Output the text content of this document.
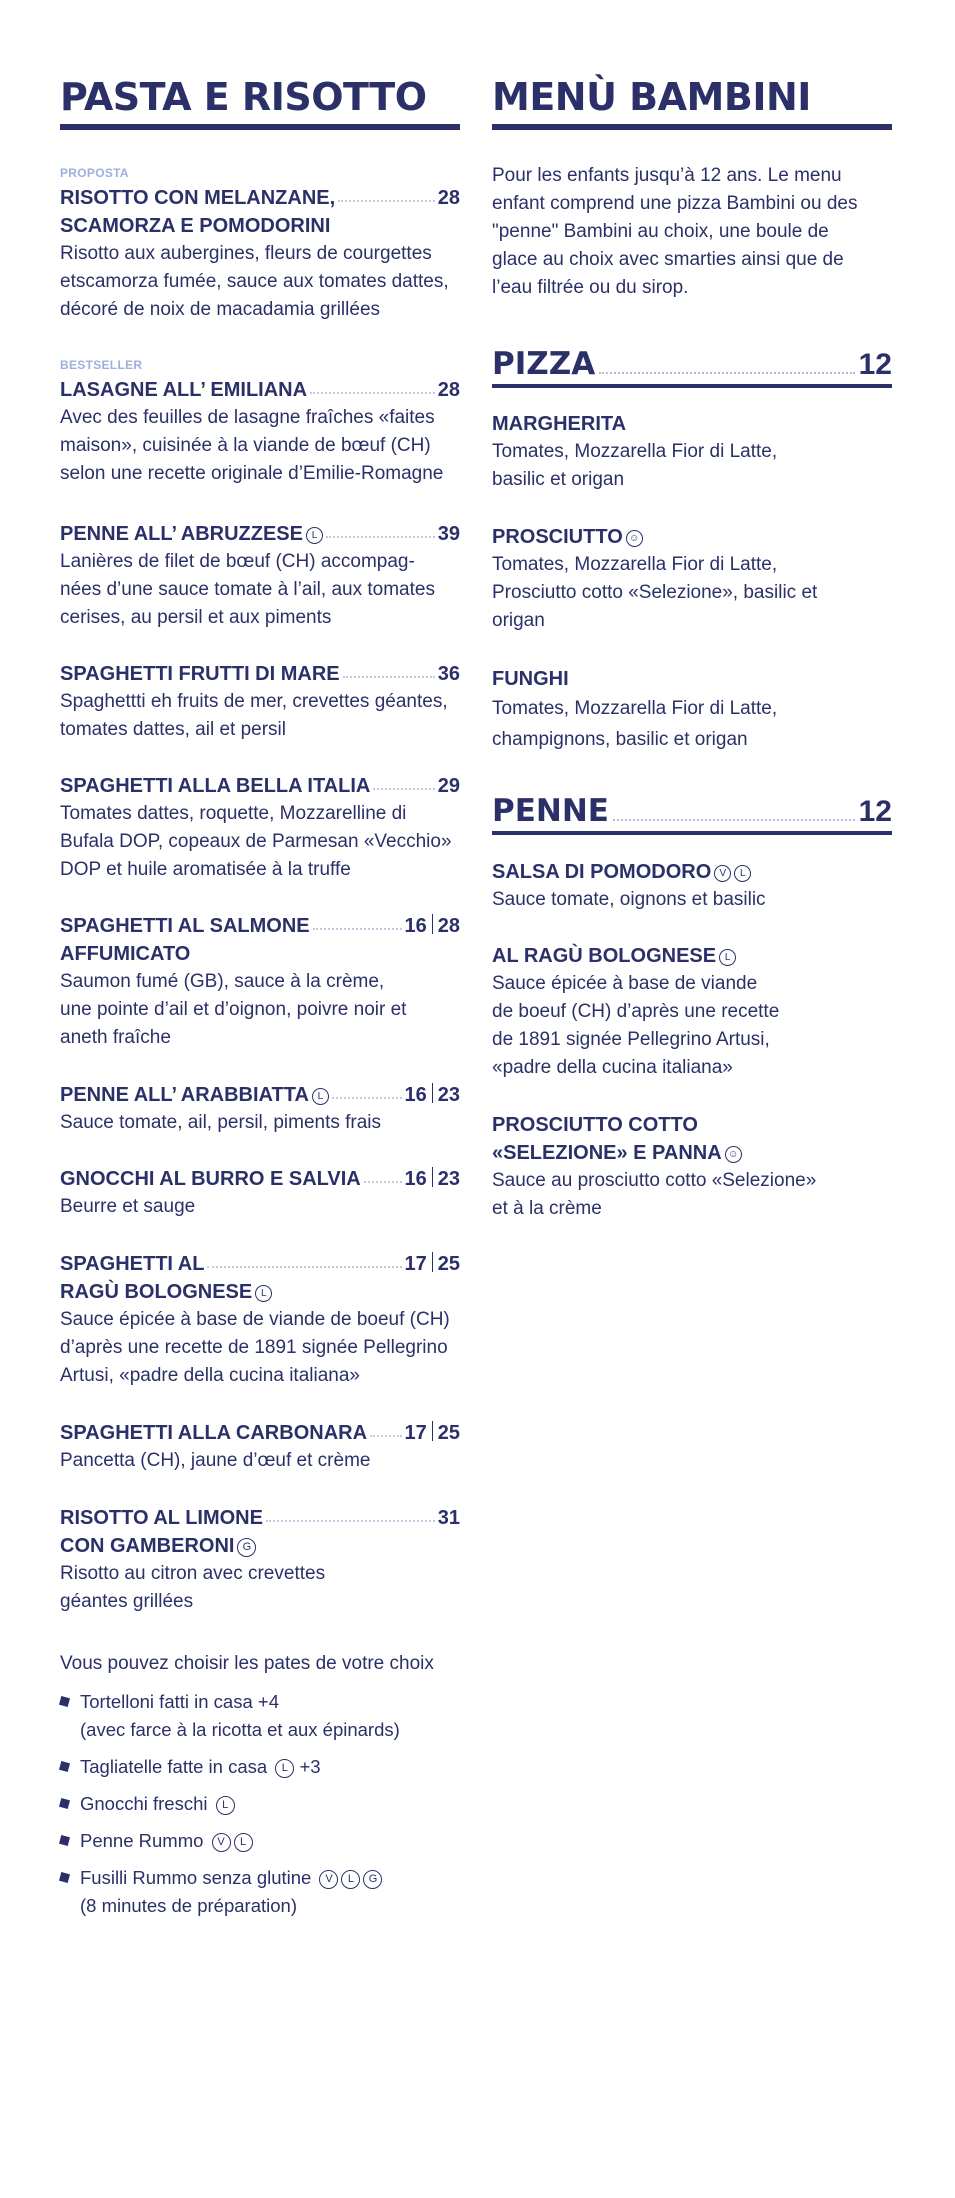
PASTA E RISOTTO
PROPOSTA
RISOTTO CON MELANZANE,	28
SCAMORZA E POMODORINI

Risotto aux aubergines, fleurs de courgettes

etscamorza fumée, sauce aux tomates dattes,

décoré de noix de macadamia grillées

BESTSELLER
LASAGNE ALL’ EMILIANA	28

Avec des feuilles de lasagne fraîches «faites

maison», cuisinée à la viande de bœuf (CH)

selon une recette originale d’Emilie-Romagne

PENNE ALL’ ABRUZZESE L	39

Lanières de filet de bœuf (CH) accompag-

nées d’une sauce tomate à l’ail, aux tomates

cerises, au persil et aux piments

SPAGHETTI FRUTTI DI MARE	36

Spaghettti eh fruits de mer, crevettes géantes,

tomates dattes, ail et persil

SPAGHETTI ALLA BELLA ITALIA	29

Tomates dattes, roquette, Mozzarelline di

Bufala DOP, copeaux de Parmesan «Vecchio»

DOP et huile aromatisée à la truffe

SPAGHETTI AL SALMONE	16 28
AFFUMICATO

Saumon fumé (GB), sauce à la crème,

une pointe d’ail et d’oignon, poivre noir et

aneth fraîche

PENNE ALL’ ARABBIATTA L	16 23

Sauce tomate, ail, persil, piments frais

GNOCCHI AL BURRO E SALVIA 16 23

Beurre et sauge

SPAGHETTI AL	17 25
RAGÙ BOLOGNESE L

Sauce épicée à base de viande de boeuf (CH)

d’après une recette de 1891 signée Pellegrino

Artusi, «padre della cucina italiana»

SPAGHETTI ALLA CARBONARA 17 25

Pancetta (CH), jaune d’œuf et crème

RISOTTO AL LIMONE	31
CON GAMBERONI G

Risotto au citron avec crevettes

géantes grillées

Vous pouvez choisir les pates de votre choix
Tortelloni fatti in casa +4
(avec farce à la ricotta et aux épinards)
Tagliatelle fatte in casa L +3
Gnocchi freschi L
Penne Rummo V L
Fusilli Rummo senza glutine V L G
(8 minutes de préparation)
MENÙ BAMBINI

Pour les enfants jusqu’à 12 ans. Le menu

enfant comprend une pizza Bambini ou des

"penne" Bambini au choix, une boule de

glace au choix avec smarties ainsi que de

l’eau filtrée ou du sirop.

PIZZA	12
MARGHERITA

Tomates, Mozzarella Fior di Latte,

basilic et origan

PROSCIUTTO ☺

Tomates, Mozzarella Fior di Latte,

Prosciutto cotto «Selezione», basilic et

origan

FUNGHI

Tomates, Mozzarella Fior di Latte,

champignons, basilic et origan

PENNE	12
SALSA DI POMODORO V L

Sauce tomate, oignons et basilic

AL RAGÙ BOLOGNESE L

Sauce épicée à base de viande

de boeuf (CH) d’après une recette

de 1891 signée Pellegrino Artusi,

«padre della cucina italiana»

PROSCIUTTO COTTO
«SELEZIONE» E PANNA ☺

Sauce au prosciutto cotto «Selezione»

et à la crème
